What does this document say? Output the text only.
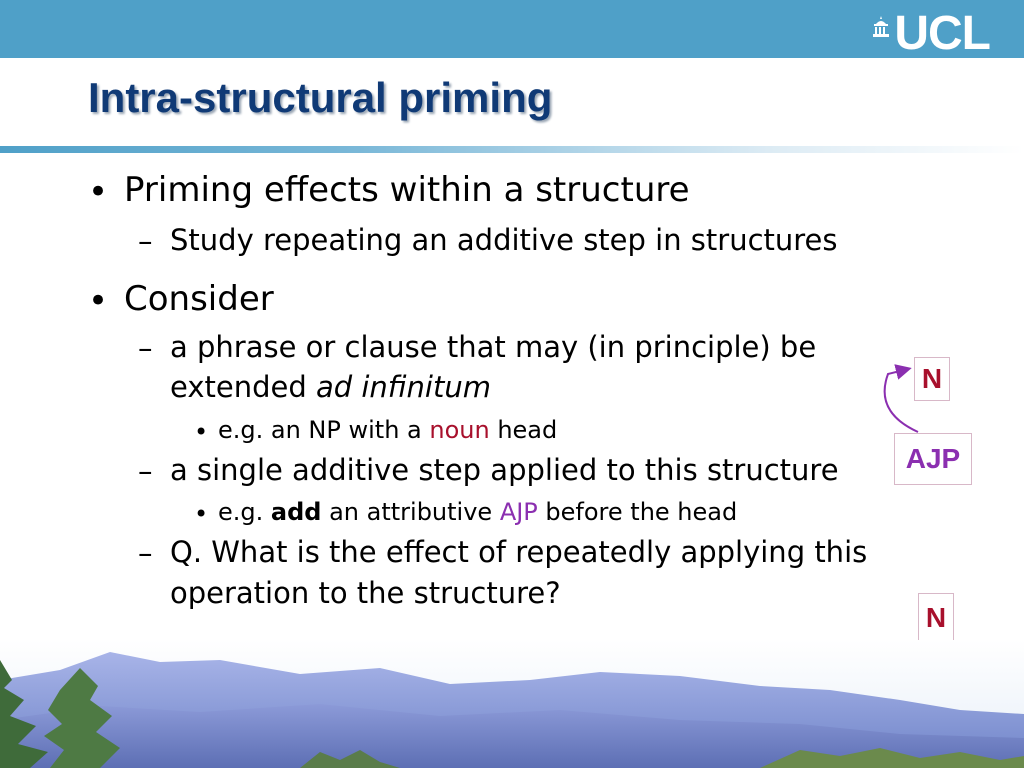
UCL
Intra-structural priming
• Priming effects within a structure
– Study repeating an additive step in structures
• Consider
– a phrase or clause that may (in principle) be
extended ad infinitum
• e.g. an NP with a noun head
– a single additive step applied to this structure
• e.g. add an attributive AJP before the head
– Q. What is the effect of repeatedly applying this
operation to the structure?
N
AJP
N
